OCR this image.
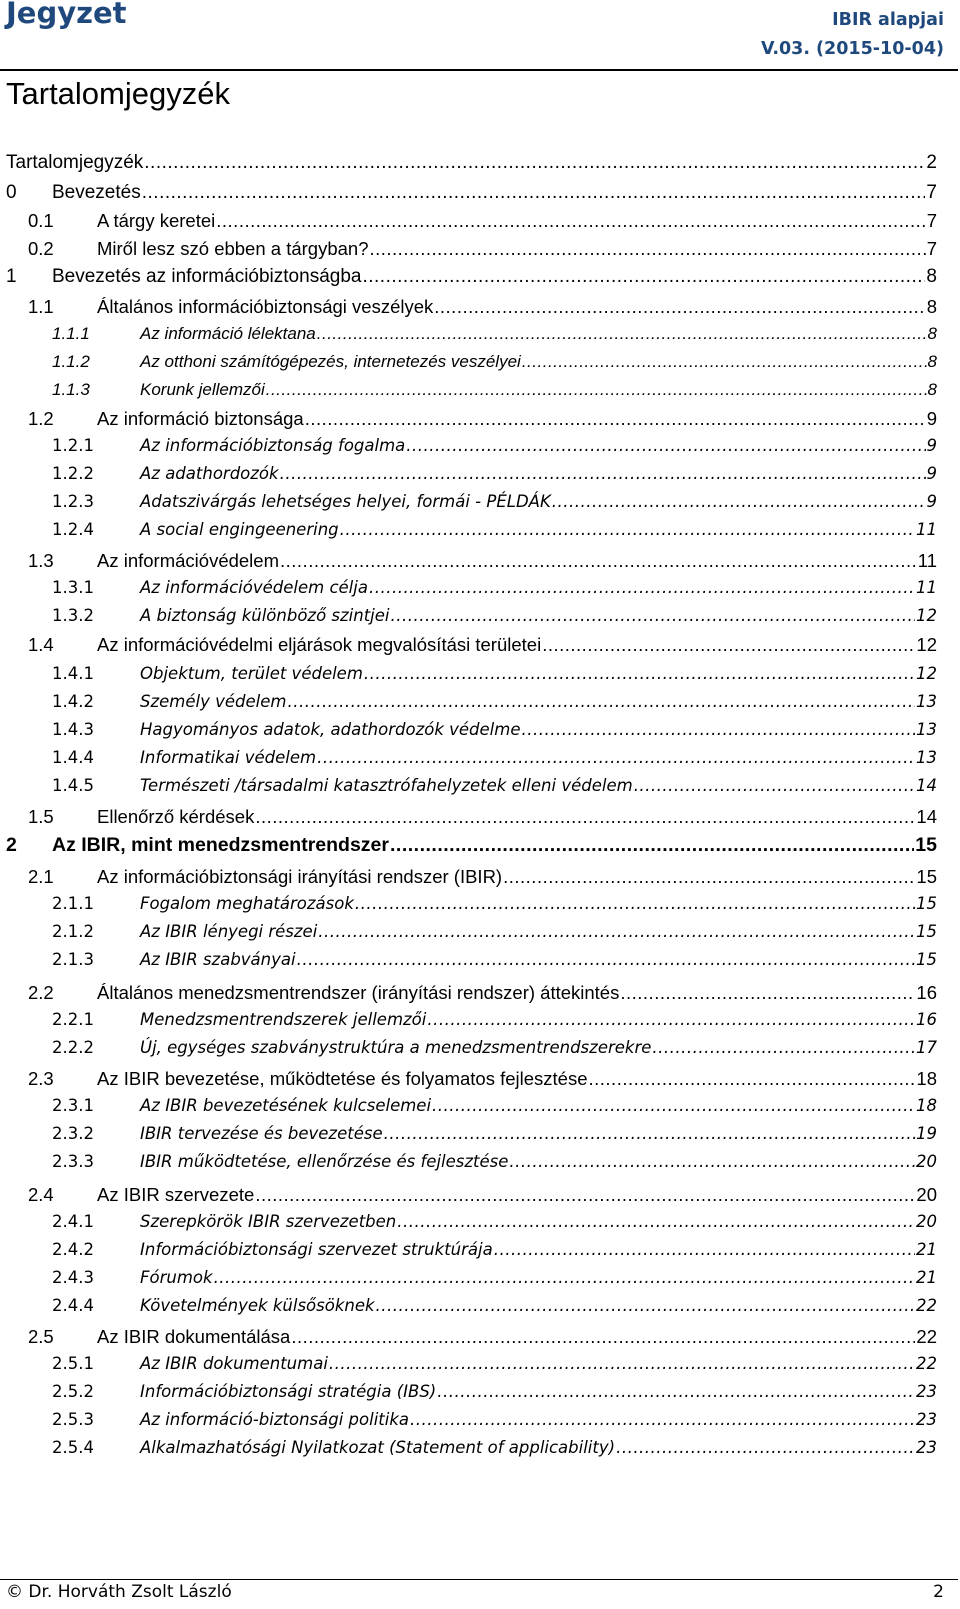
Jegyzet	IBIR alapjai
V.03. (2015-10-04)
Tartalomjegyzék
Tartalomjegyzék .....	2
0 Bevezetés .....	7
0.1 A tárgy keretei .....	7
0.2 Miről lesz szó ebben a tárgyban? .....	7
1 Bevezetés az információbiztonságba .....	8
1.1 Általános információbiztonsági veszélyek .....	8
1.1.1	Az információ lélektana .....	8
1.1.2	Az otthoni számítógépezés, internetezés veszélyei .....	8
1.1.3	Korunk jellemzői .....	8
1.2 Az információ biztonsága .....	9
1.2.1	Az információbiztonság fogalma .....	9
1.2.2	Az adathordozók .....	9
1.2.3	Adatszivárgás lehetséges helyei, formái - PÉLDÁK .....	9
1.2.4	A social engingeenering .....	11
1.3 Az információvédelem .....	11
1.3.1	Az információvédelem célja .....	11
1.3.2	A biztonság különböző szintjei .....	12
1.4 Az információvédelmi eljárások megvalósítási területei .....	12
1.4.1	Objektum, terület védelem .....	12
1.4.2	Személy védelem .....	13
1.4.3	Hagyományos adatok, adathordozók védelme .....	13
1.4.4	Informatikai védelem .....	13
1.4.5	Természeti /társadalmi katasztrófahelyzetek elleni védelem .....	14
1.5 Ellenőrző kérdések .....	14
2 Az IBIR, mint menedzsmentrendszer .....	15
2.1 Az információbiztonsági irányítási rendszer (IBIR) .....	15
2.1.1	Fogalom meghatározások .....	15
2.1.2	Az IBIR lényegi részei .....	15
2.1.3	Az IBIR szabványai .....	15
2.2 Általános menedzsmentrendszer (irányítási rendszer) áttekintés .....	16
2.2.1	Menedzsmentrendszerek jellemzői .....	16
2.2.2	Új, egységes szabványstruktúra a menedzsmentrendszerekre .....	17
2.3 Az IBIR bevezetése, működtetése és folyamatos fejlesztése .....	18
2.3.1	Az IBIR bevezetésének kulcselemei .....	18
2.3.2	IBIR tervezése és bevezetése .....	19
2.3.3	IBIR működtetése, ellenőrzése és fejlesztése .....	20
2.4 Az IBIR szervezete .....	20
2.4.1	Szerepkörök IBIR szervezetben .....	20
2.4.2	Információbiztonsági szervezet struktúrája .....	21
2.4.3	Fórumok .....	21
2.4.4	Követelmények külsősöknek .....	22
2.5 Az IBIR dokumentálása .....	22
2.5.1	Az IBIR dokumentumai .....	22
2.5.2	Információbiztonsági stratégia (IBS) .....	23
2.5.3	Az információ-biztonsági politika .....	23
2.5.4	Alkalmazhatósági Nyilatkozat (Statement of applicability) .....	23
© Dr. Horváth Zsolt László	2
